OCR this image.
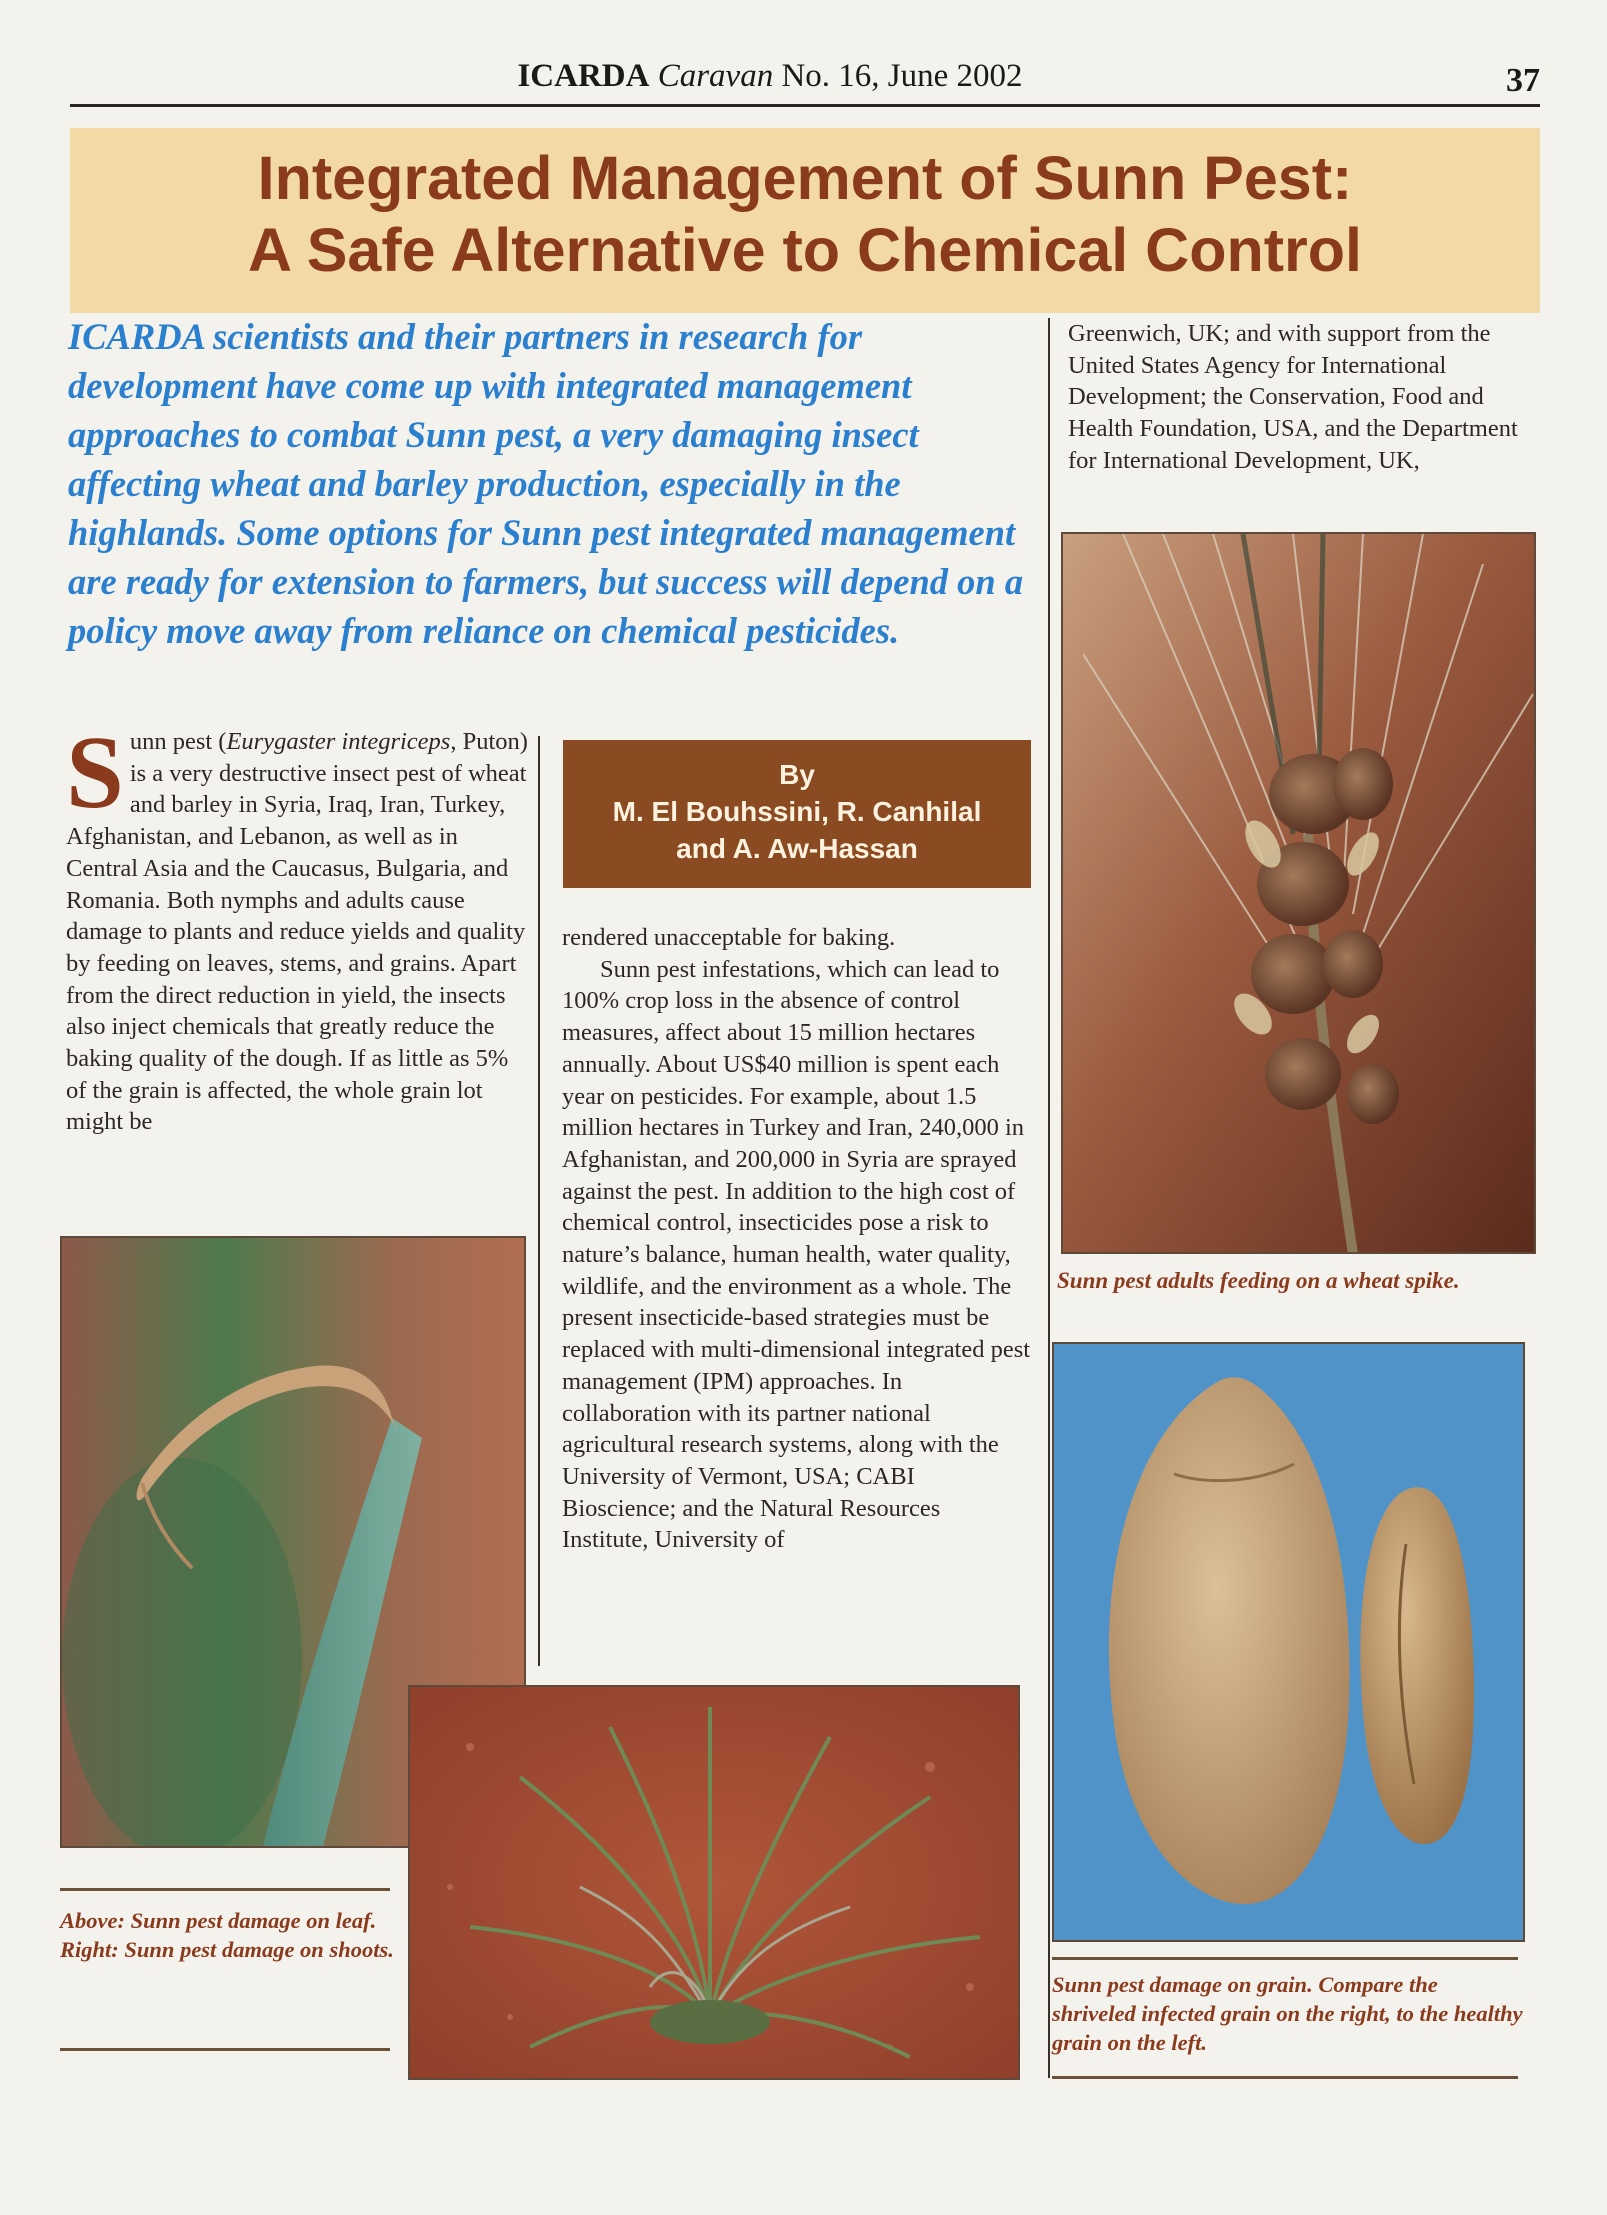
ICARDA Caravan No. 16, June 2002	37
Integrated Management of Sunn Pest:
A Safe Alternative to Chemical Control
ICARDA scientists and their partners in research for development have come up with integrated management approaches to combat Sunn pest, a very damaging insect affecting wheat and barley production, especially in the highlands. Some options for Sunn pest integrated management are ready for extension to farmers, but success will depend on a policy move away from reliance on chemical pesticides.
Sunn pest (Eurygaster integriceps, Puton) is a very destructive insect pest of wheat and barley in Syria, Iraq, Iran, Turkey, Afghanistan, and Lebanon, as well as in Central Asia and the Caucasus, Bulgaria, and Romania. Both nymphs and adults cause damage to plants and reduce yields and quality by feeding on leaves, stems, and grains. Apart from the direct reduction in yield, the insects also inject chemicals that greatly reduce the baking quality of the dough. If as little as 5% of the grain is affected, the whole grain lot might be
By
M. El Bouhssini, R. Canhilal
and A. Aw-Hassan
rendered unacceptable for baking.
Sunn pest infestations, which can lead to 100% crop loss in the absence of control measures, affect about 15 million hectares annually. About US$40 million is spent each year on pesticides. For example, about 1.5 million hectares in Turkey and Iran, 240,000 in Afghanistan, and 200,000 in Syria are sprayed against the pest. In addition to the high cost of chemical control, insecticides pose a risk to nature’s balance, human health, water quality, wildlife, and the environment as a whole. The present insecticide-based strategies must be replaced with multi-dimensional integrated pest management (IPM) approaches. In collaboration with its partner national agricultural research systems, along with the University of Vermont, USA; CABI Bioscience; and the Natural Resources Institute, University of
Greenwich, UK; and with support from the United States Agency for International Development; the Conservation, Food and Health Foundation, USA, and the Department for International Development, UK,
Sunn pest adults feeding on a wheat spike.
Sunn pest damage on grain. Compare the shriveled infected grain on the right, to the healthy grain on the left.
Above: Sunn pest damage on leaf.
Right: Sunn pest damage on shoots.
